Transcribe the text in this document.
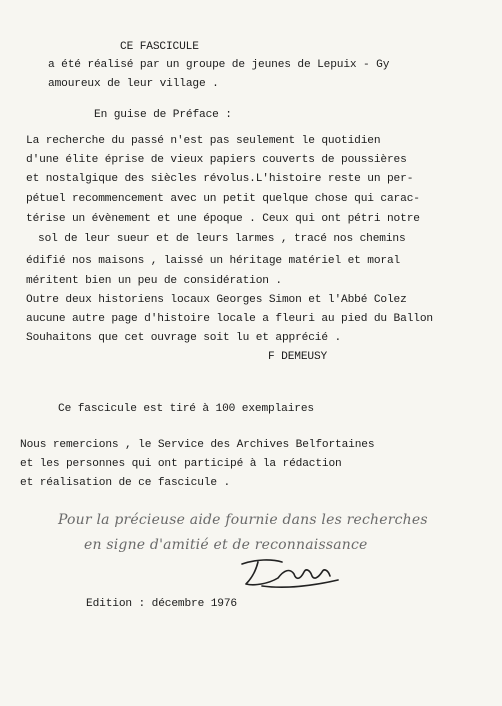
CE FASCICULE
a été réalisé par un groupe de jeunes de Lepuix - Gy
amoureux de leur village .
En guise de Préface :
La recherche du passé n'est pas seulement le quotidien
d'une élite éprise de vieux papiers couverts de poussières
et nostalgique des siècles révolus.L'histoire reste un per-
pétuel recommencement avec un petit quelque chose qui carac-
térise un évènement et une époque . Ceux qui ont pétri notre
sol de leur sueur et de leurs larmes , tracé nos chemins
édifié nos maisons , laissé un héritage matériel et moral
méritent bien un peu de considération .
Outre deux historiens locaux Georges Simon et l'Abbé Colez
aucune autre page d'histoire locale a fleuri au pied du Ballon
Souhaitons que cet ouvrage soit lu et apprécié .
F DEMEUSY
Ce fascicule est tiré à 100 exemplaires
Nous remercions , le Service des Archives Belfortaines
et les personnes qui ont participé à la rédaction
et réalisation de ce fascicule .
Pour la précieuse aide fournie dans les recherches
en signe d'amitié et de reconnaissance
Edition : décembre 1976
